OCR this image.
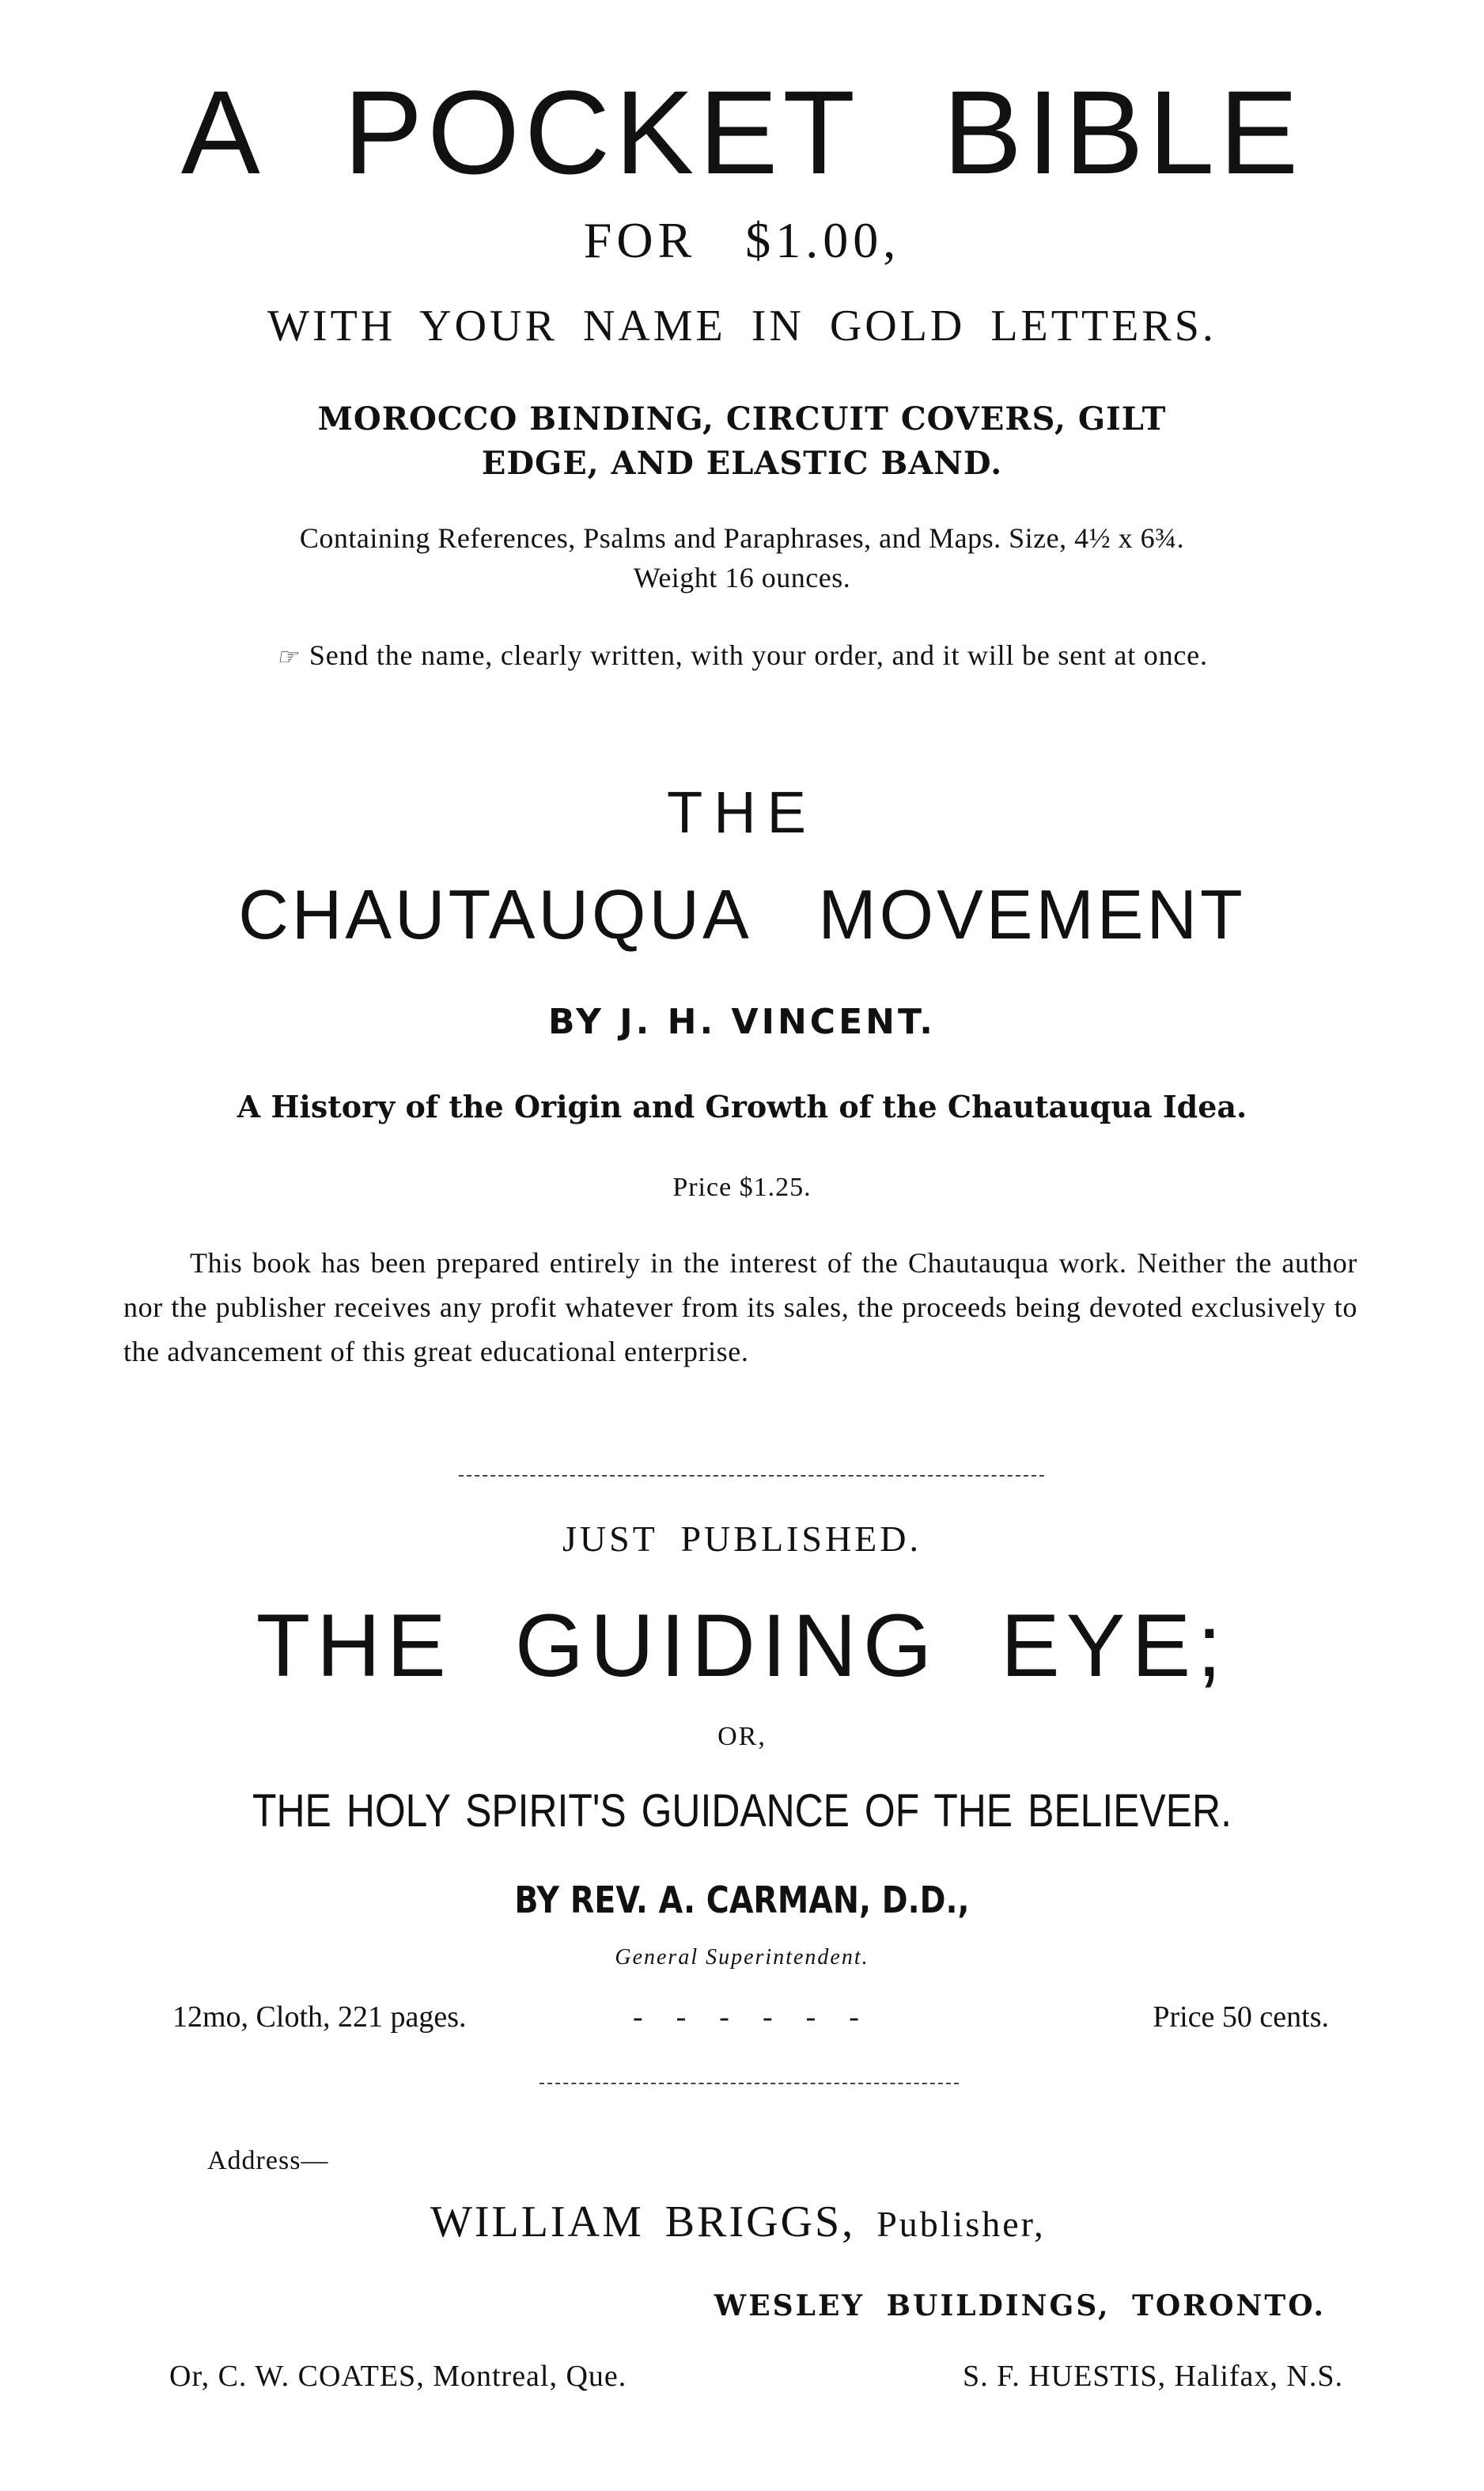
A POCKET BIBLE
FOR $1.00,
WITH YOUR NAME IN GOLD LETTERS.
MOROCCO BINDING, CIRCUIT COVERS, GILT
EDGE, AND ELASTIC BAND.
Containing References, Psalms and Paraphrases, and Maps. Size, 4½ x 6¾.
Weight 16 ounces.
☞ Send the name, clearly written, with your order, and it will be sent at once.
THE
CHAUTAUQUA MOVEMENT
BY J. H. VINCENT.
A History of the Origin and Growth of the Chautauqua Idea.
Price $1.25.
This book has been prepared entirely in the interest of the Chautauqua work. Neither the author nor the publisher receives any profit whatever from its sales, the proceeds being devoted exclusively to the advancement of this great educational enterprise.
JUST PUBLISHED.
THE GUIDING EYE;
OR,
THE HOLY SPIRIT'S GUIDANCE OF THE BELIEVER.
BY REV. A. CARMAN, D.D.,
General Superintendent.
12mo, Cloth, 221 pages.	------	Price 50 cents.
Address—
WILLIAM BRIGGS, Publisher,
WESLEY BUILDINGS, TORONTO.
Or, C. W. COATES, Montreal, Que.	S. F. HUESTIS, Halifax, N.S.
